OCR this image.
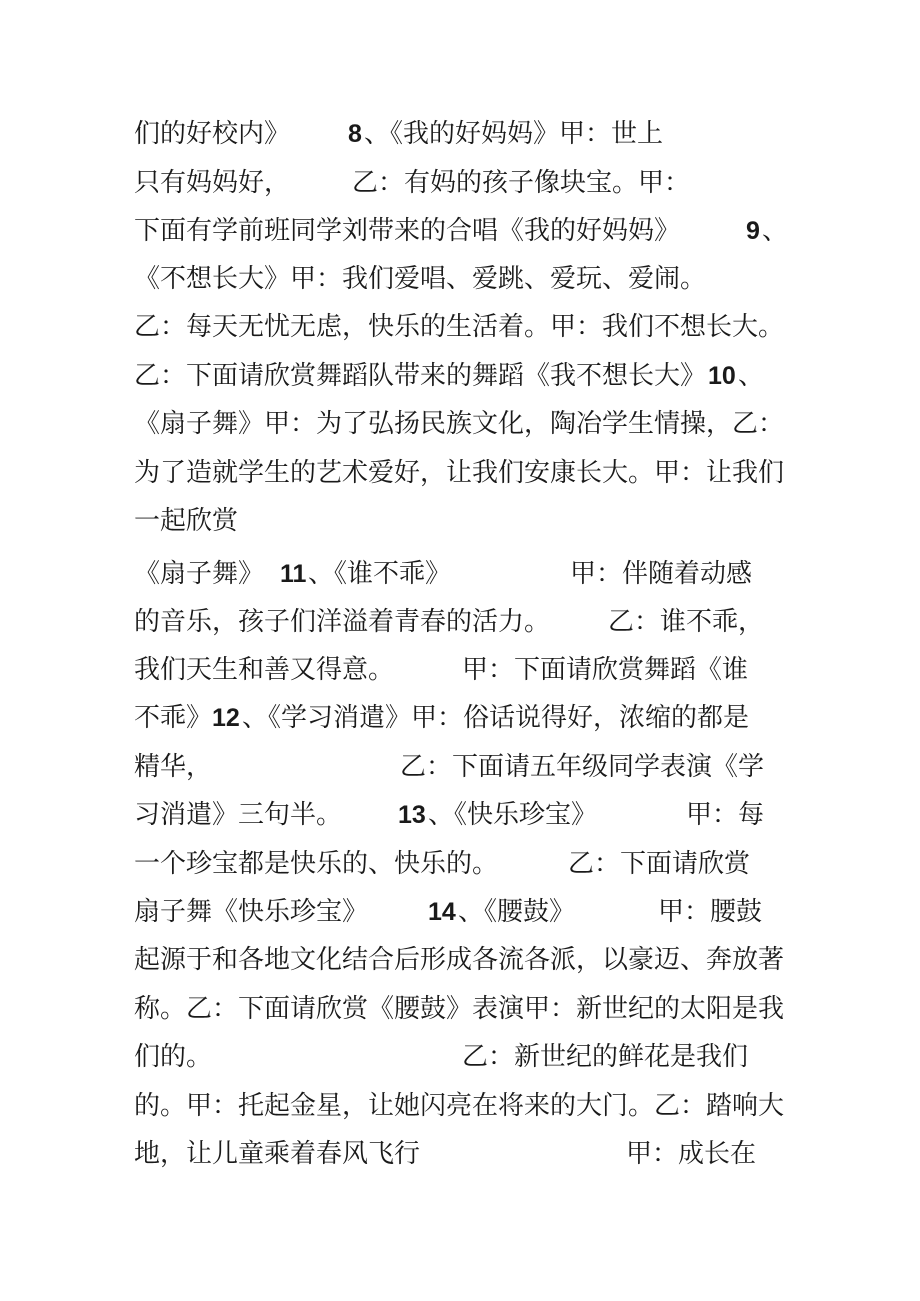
们的好校内》

8

、《我的好妈妈》甲：世上

只有妈妈好，

乙：有妈的孩子像块宝。甲：

下面有学前班同学刘带来的合唱《我的好妈妈》

	9

、

《不想长大》甲：我们爱唱、爱跳、爱玩、爱闹。

乙：每天无忧无虑，快乐的生活着。甲：我们不想长大。

乙：下面请欣赏舞蹈队带来的舞蹈《我不想长大》

10

、

《扇子舞》甲：为了弘扬民族文化，陶冶学生情操，乙：

为了造就学生的艺术爱好，让我们安康长大。甲：让我们

一起欣赏

《扇子舞》

11

、《谁不乖》

	甲：伴随着动感

的音乐，孩子们洋溢着青春的活力。

乙：谁不乖，

我们天生和善又得意。

	甲：下面请欣赏舞蹈《谁

不乖》

12

、《学习消遣》甲：俗话说得好，浓缩的都是

精华，

	乙：下面请五年级同学表演《学

习消遣》三句半。

13

、《快乐珍宝》

	甲：每

一个珍宝都是快乐的、快乐的。

	乙：下面请欣赏

扇子舞《快乐珍宝》

14

、《腰鼓》

	甲：腰鼓

起源于和各地文化结合后形成各流各派，以豪迈、奔放著

称。乙：下面请欣赏《腰鼓》表演甲：新世纪的太阳是我

们的。

	乙：新世纪的鲜花是我们

的。甲：托起金星，让她闪亮在将来的大门。乙：踏响大

地，让儿童乘着春风飞行

	甲：成长在
